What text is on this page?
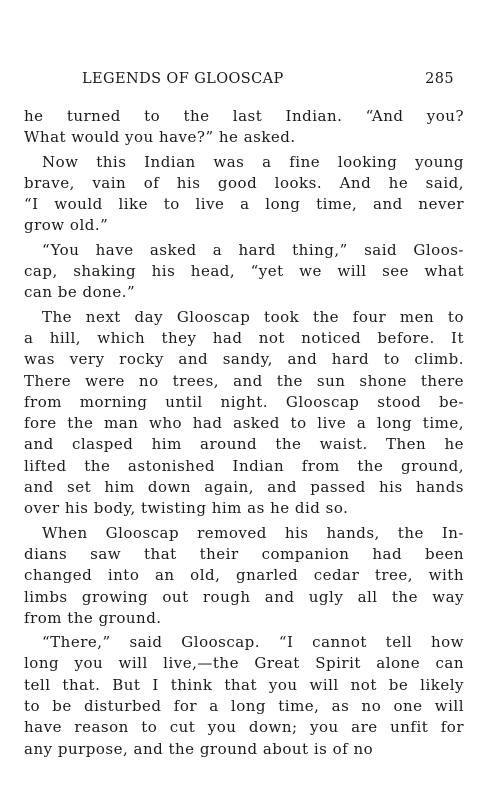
LEGENDS OF GLOOSCAP	285
he turned to the last Indian. “And you?
What would you have?” he asked.
Now this Indian was a fine looking young
brave, vain of his good looks. And he said,
“I would like to live a long time, and never
grow old.”
“You have asked a hard thing,” said Gloos-
cap, shaking his head, “yet we will see what
can be done.”
The next day Glooscap took the four men to
a hill, which they had not noticed before. It
was very rocky and sandy, and hard to climb.
There were no trees, and the sun shone there
from morning until night. Glooscap stood be-
fore the man who had asked to live a long time,
and clasped him around the waist. Then he
lifted the astonished Indian from the ground,
and set him down again, and passed his hands
over his body, twisting him as he did so.
When Glooscap removed his hands, the In-
dians saw that their companion had been
changed into an old, gnarled cedar tree, with
limbs growing out rough and ugly all the way
from the ground.
“There,” said Glooscap. “I cannot tell how
long you will live,—the Great Spirit alone can
tell that. But I think that you will not be likely
to be disturbed for a long time, as no one will
have reason to cut you down; you are unfit for
any purpose, and the ground about is of no
